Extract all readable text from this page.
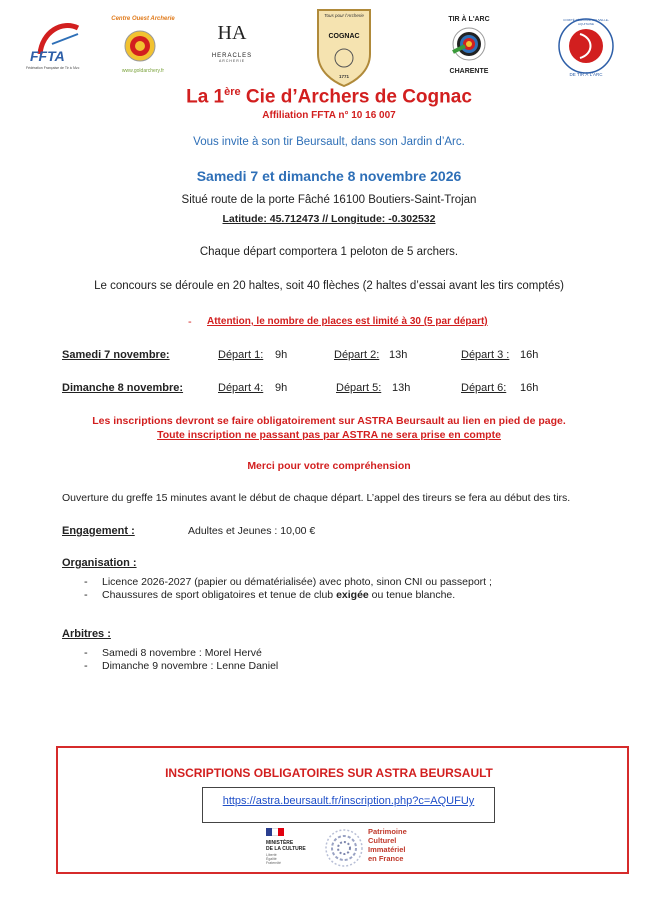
FFTA
Fédération Française de Tir à l'Arc
Centre Ouest Archerie
www.goldarchery.fr
HA
HERACLES
ARCHERIE
Tous pour l'Archerie
COGNAC
1771
TIR À L'ARC
CHARENTE
COMITÉ RÉGIONAL NOUVELLE-AQUITAINE
DE TIR À L'ARC
La 1ère Cie d’Archers de Cognac
Affiliation FFTA n° 10 16 007
Vous invite à son tir Beursault, dans son Jardin d’Arc.
Samedi 7 et dimanche 8 novembre 2026
Situé route de la porte Fâché 16100 Boutiers-Saint-Trojan
Latitude: 45.712473 // Longitude: -0.302532
Chaque départ comportera 1 peloton de 5 archers.
Le concours se déroule en 20 haltes, soit 40 flèches (2 haltes d’essai avant les tirs comptés)
- Attention, le nombre de places est limité à 30 (5 par départ)
Samedi 7 novembre:	Départ 1: 9h	Départ 2: 13h	Départ 3 : 16h
Dimanche 8 novembre:	Départ 4: 9h	Départ 5: 13h	Départ 6: 16h
Les inscriptions devront se faire obligatoirement sur ASTRA Beursault au lien en pied de page.
Toute inscription ne passant pas par ASTRA ne sera prise en compte
Merci pour votre compréhension
Ouverture du greffe 15 minutes avant le début de chaque départ. L’appel des tireurs se fera au début des tirs.
Engagement :	Adultes et Jeunes : 10,00 €
Organisation :
- Licence 2026-2027 (papier ou dématérialisée) avec photo, sinon CNI ou passeport ;
- Chaussures de sport obligatoires et tenue de club exigée ou tenue blanche.
Arbitres :
- Samedi 8 novembre : Morel Hervé
- Dimanche 9 novembre : Lenne Daniel
INSCRIPTIONS OBLIGATOIRES SUR ASTRA BEURSAULT
https://astra.beursault.fr/inscription.php?c=AQUFUy
MINISTÈRE
DE LA CULTURE
Liberté
Égalité
Fraternité
Patrimoine
Culturel
Immatériel
en France
